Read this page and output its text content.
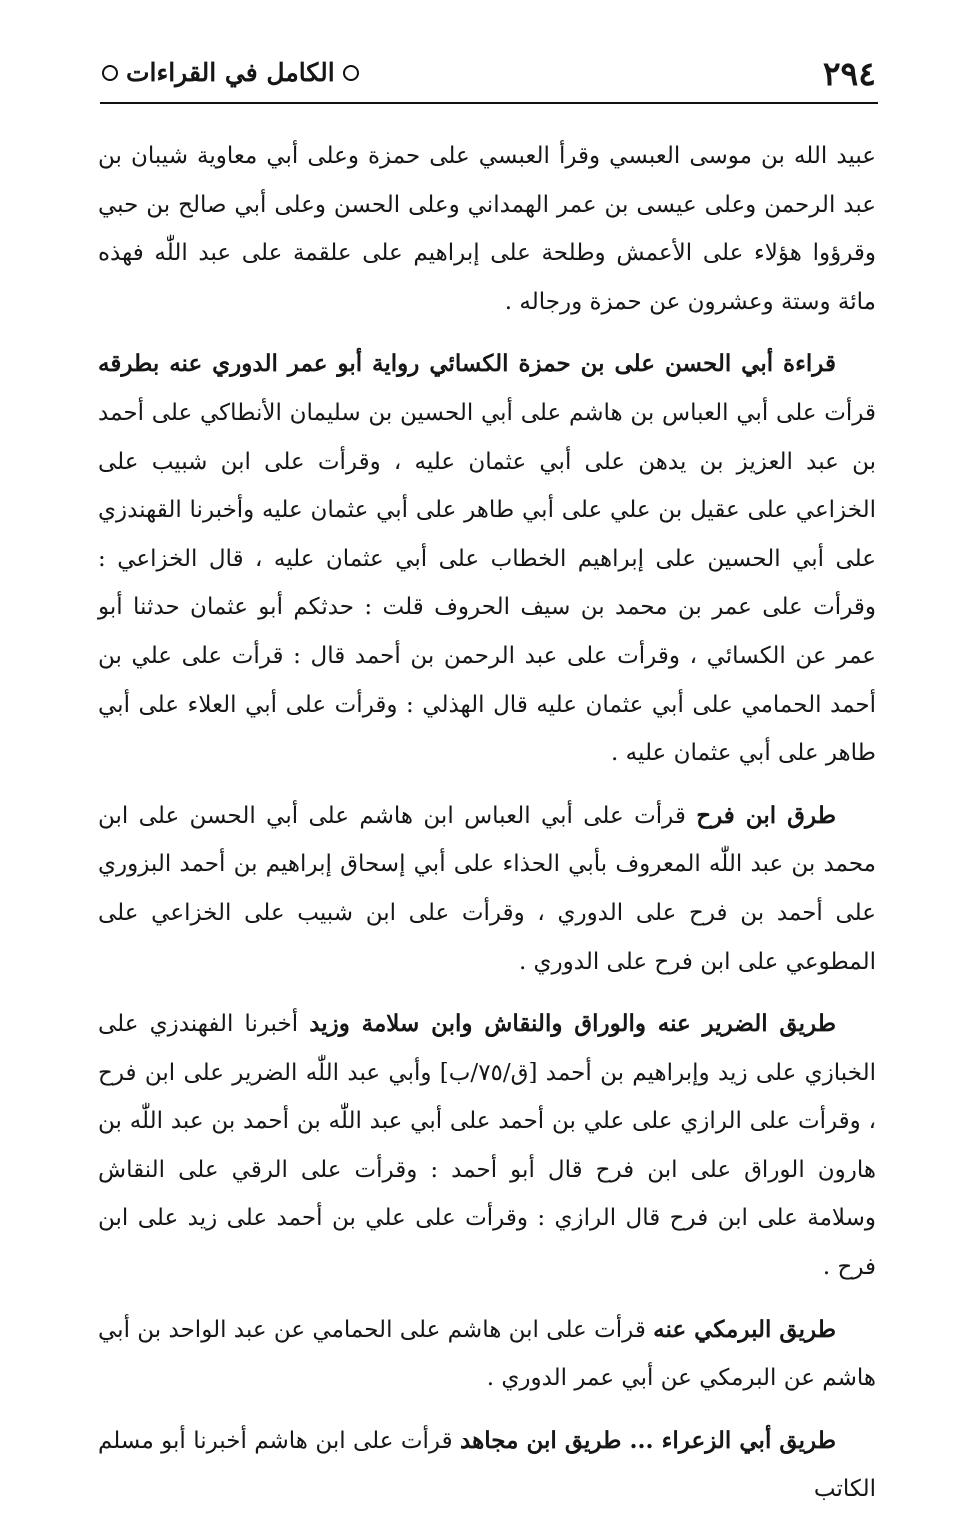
٢٩٤
الكامل في القراءات

عبيد الله بن موسى العبسي وقرأ العبسي على حمزة وعلى أبي معاوية شيبان بن عبد الرحمن وعلى عيسى بن عمر الهمداني وعلى الحسن وعلى أبي صالح بن حبي وقرؤوا هؤلاء على الأعمش وطلحة على إبراهيم على علقمة على عبد اللّٰه فهذه مائة وستة وعشرون عن حمزة ورجاله .

قراءة أبي الحسن على بن حمزة الكسائي رواية أبو عمر الدوري عنه بطرقه قرأت على أبي العباس بن هاشم على أبي الحسين بن سليمان الأنطاكي على أحمد بن عبد العزيز بن يدهن على أبي عثمان عليه ، وقرأت على ابن شبيب على الخزاعي على عقيل بن علي على أبي طاهر على أبي عثمان عليه وأخبرنا القهندزي على أبي الحسين على إبراهيم الخطاب على أبي عثمان عليه ، قال الخزاعي : وقرأت على عمر بن محمد بن سيف الحروف قلت : حدثكم أبو عثمان حدثنا أبو عمر عن الكسائي ، وقرأت على عبد الرحمن بن أحمد قال : قرأت على علي بن أحمد الحمامي على أبي عثمان عليه قال الهذلي : وقرأت على أبي العلاء على أبي طاهر على أبي عثمان عليه .

طرق ابن فرح قرأت على أبي العباس ابن هاشم على أبي الحسن على ابن محمد بن عبد اللّٰه المعروف بأبي الحذاء على أبي إسحاق إبراهيم بن أحمد البزوري على أحمد بن فرح على الدوري ، وقرأت على ابن شبيب على الخزاعي على المطوعي على ابن فرح على الدوري .

طريق الضرير عنه والوراق والنقاش وابن سلامة وزيد أخبرنا الفهندزي على الخبازي على زيد وإبراهيم بن أحمد [ق/٧٥/ب] وأبي عبد اللّٰه الضرير على ابن فرح ، وقرأت على الرازي على علي بن أحمد على أبي عبد اللّٰه بن أحمد بن عبد اللّٰه بن هارون الوراق على ابن فرح قال أبو أحمد : وقرأت على الرقي على النقاش وسلامة على ابن فرح قال الرازي : وقرأت على علي بن أحمد على زيد على ابن فرح .

طريق البرمكي عنه قرأت على ابن هاشم على الحمامي عن عبد الواحد بن أبي هاشم عن البرمكي عن أبي عمر الدوري .

طريق أبي الزعراء ... طريق ابن مجاهد قرأت على ابن هاشم أخبرنا أبو مسلم الكاتب
